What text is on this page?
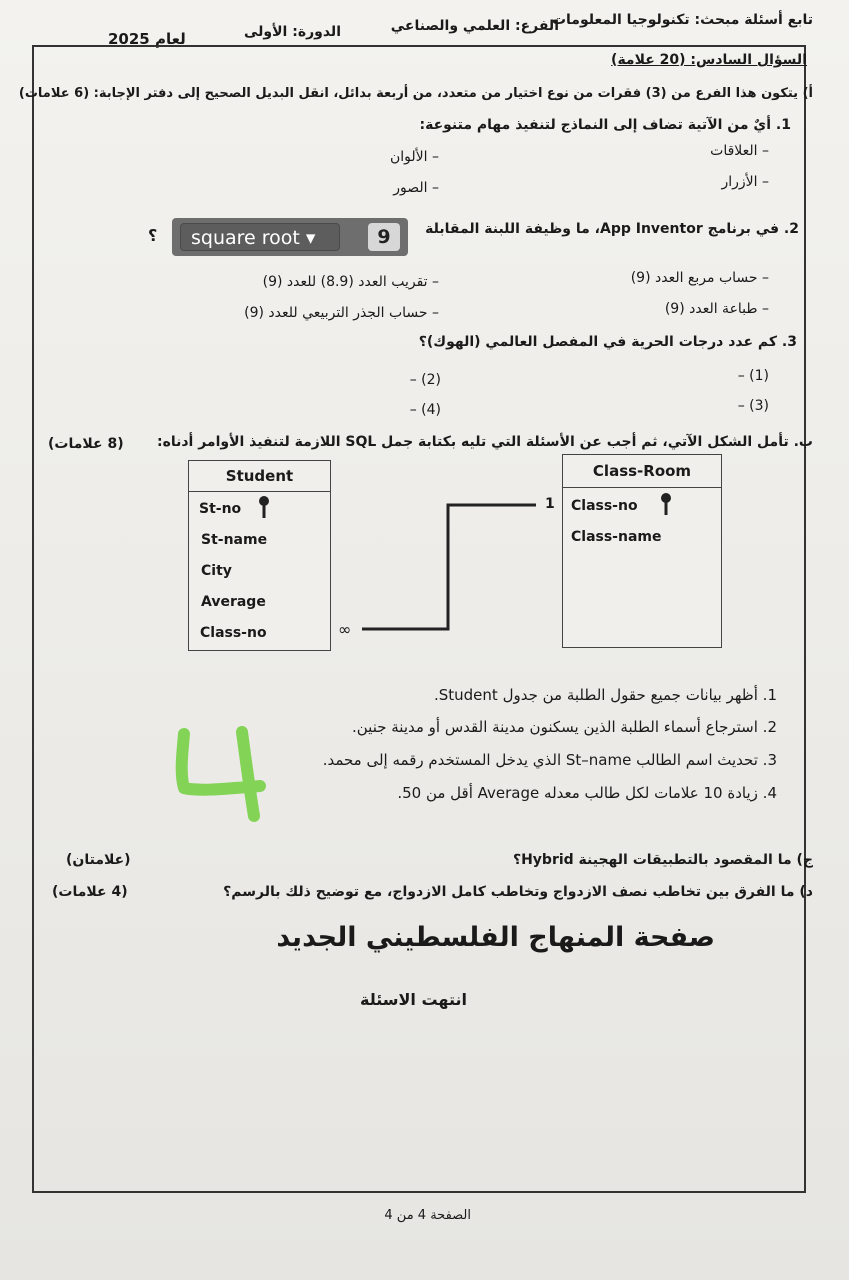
تابع أسئلة مبحث: تكنولوجيا المعلومات
الفرع: العلمي والصناعي
الدورة: الأولى
لعام 2025
السؤال السادس: (20 علامة)
أ) يتكون هذا الفرع من (3) فقرات من نوع اختيار من متعدد، من أربعة بدائل، انقل البديل الصحيح إلى دفتر الإجابة: (6 علامات)
1. أيٌ من الآتية تضاف إلى النماذج لتنفيذ مهام متنوعة:
– العلاقات
– الألوان
– الأزرار
– الصور
2. في برنامج App Inventor، ما وظيفة اللبنة المقابلة
square root ▾	9
؟
– حساب مربع العدد (9)
– تقريب العدد (8.9) للعدد (9)
– طباعة العدد (9)
– حساب الجذر التربيعي للعدد (9)
3. كم عدد درجات الحرية في المفصل العالمي (الهوك)؟
– (1)
– (2)
– (3)
– (4)
ب. تأمل الشكل الآتي، ثم أجب عن الأسئلة التي تليه بكتابة جمل SQL اللازمة لتنفيذ الأوامر أدناه:
(8 علامات)
Student
St-no
St-name
City
Average
Class-no
Class-Room
Class-no
Class-name
1
∞
1. أظهر بيانات جميع حقول الطلبة من جدول Student.
2. استرجاع أسماء الطلبة الذين يسكنون مدينة القدس أو مدينة جنين.
3. تحديث اسم الطالب St–name الذي يدخل المستخدم رقمه إلى محمد.
4. زيادة 10 علامات لكل طالب معدله Average أقل من 50.
ج) ما المقصود بالتطبيقات الهجينة Hybrid؟
(علامتان)
د) ما الفرق بين تخاطب نصف الازدواج وتخاطب كامل الازدواج، مع توضيح ذلك بالرسم؟
(4 علامات)
صفحة المنهاج الفلسطيني الجديد
انتهت الاسئلة
الصفحة 4 من 4
